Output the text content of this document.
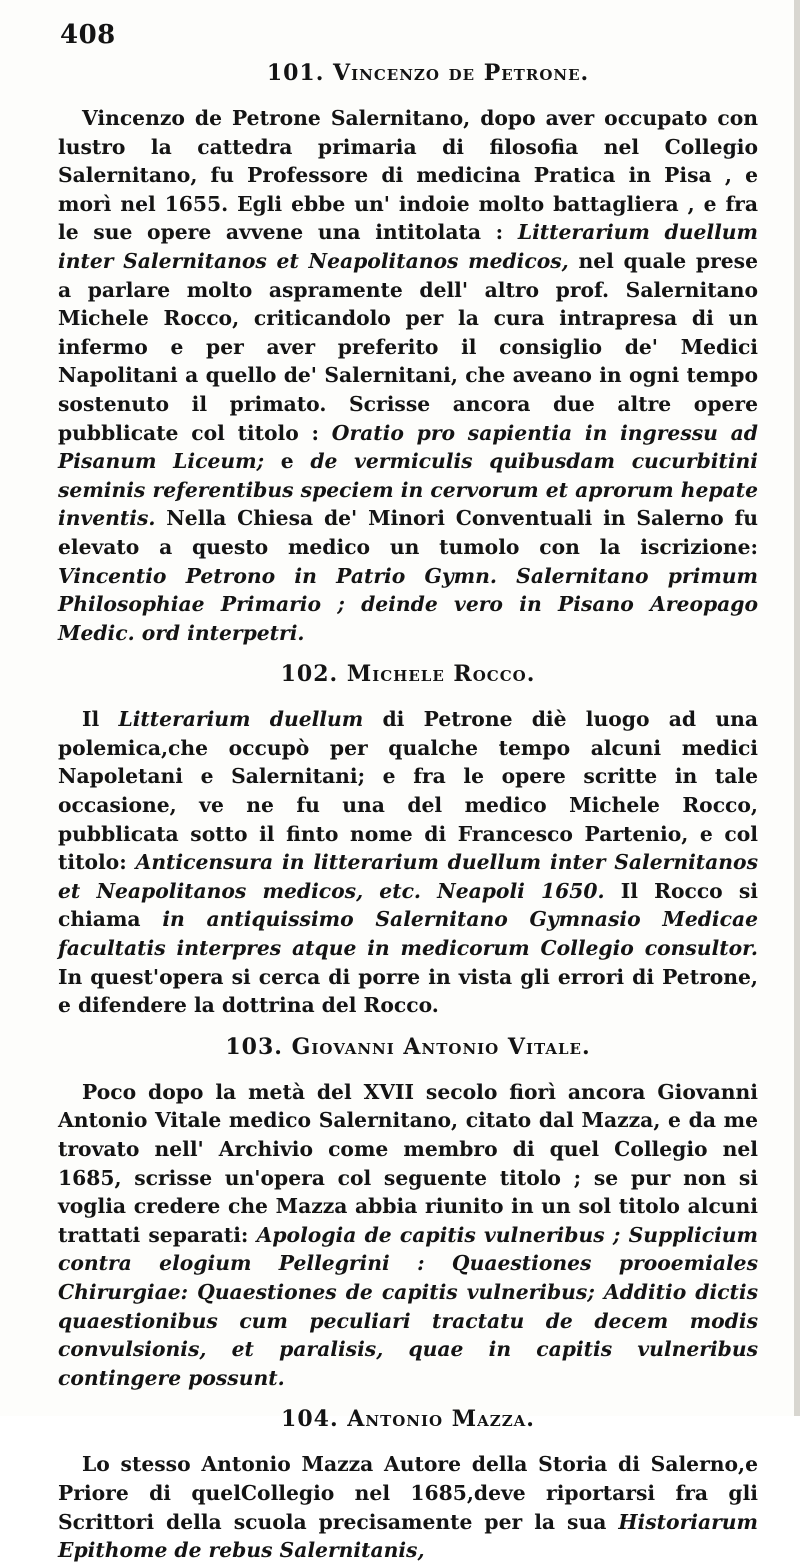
408
101. Vincenzo de Petrone.

Vincenzo de Petrone Salernitano, dopo aver occupato con lustro la cattedra primaria di filosofia nel Collegio Salernitano, fu Professore di medicina Pratica in Pisa , e morì nel 1655. Egli ebbe un' indoie molto battagliera , e fra le sue opere avvene una intitolata : Litterarium duellum inter Salernitanos et Neapolitanos medicos, nel quale prese a parlare molto aspramente dell' altro prof. Salernitano Michele Rocco, criticandolo per la cura intrapresa di un infermo e per aver preferito il consiglio de' Medici Napolitani a quello de' Salernitani, che aveano in ogni tempo sostenuto il primato. Scrisse ancora due altre opere pubblicate col titolo : Oratio pro sapientia in ingressu ad Pisanum Liceum; e de vermiculis quibusdam cucurbitini seminis referentibus speciem in cervorum et aprorum hepate inventis. Nella Chiesa de' Minori Conventuali in Salerno fu elevato a questo medico un tumolo con la iscrizione: Vincentio Petrono in Patrio Gymn. Salernitano primum Philosophiae Primario ; deinde vero in Pisano Areopago Medic. ord interpetri.

102. Michele Rocco.

Il Litterarium duellum di Petrone diè luogo ad una polemica,che occupò per qualche tempo alcuni medici Napoletani e Salernitani; e fra le opere scritte in tale occasione, ve ne fu una del medico Michele Rocco, pubblicata sotto il finto nome di Francesco Partenio, e col titolo: Anticensura in litterarium duellum inter Salernitanos et Neapolitanos medicos, etc. Neapoli 1650. Il Rocco si chiama in antiquissimo Salernitano Gymnasio Medicae facultatis interpres atque in medicorum Collegio consultor. In quest'opera si cerca di porre in vista gli errori di Petrone, e difendere la dottrina del Rocco.

103. Giovanni Antonio Vitale.

Poco dopo la metà del XVII secolo fiorì ancora Giovanni Antonio Vitale medico Salernitano, citato dal Mazza, e da me trovato nell' Archivio come membro di quel Collegio nel 1685, scrisse un'opera col seguente titolo ; se pur non si voglia credere che Mazza abbia riunito in un sol titolo alcuni trattati separati: Apologia de capitis vulneribus ; Supplicium contra elogium Pellegrini : Quaestiones prooemiales Chirurgiae: Quaestiones de capitis vulneribus; Additio dictis quaestionibus cum peculiari tractatu de decem modis convulsionis, et paralisis, quae in capitis vulneribus contingere possunt.

104. Antonio Mazza.

Lo stesso Antonio Mazza Autore della Storia di Salerno,e Priore di quelCollegio nel 1685,deve riportarsi fra gli Scrittori della scuola precisamente per la sua Historiarum Epithome de rebus Salernitanis,
